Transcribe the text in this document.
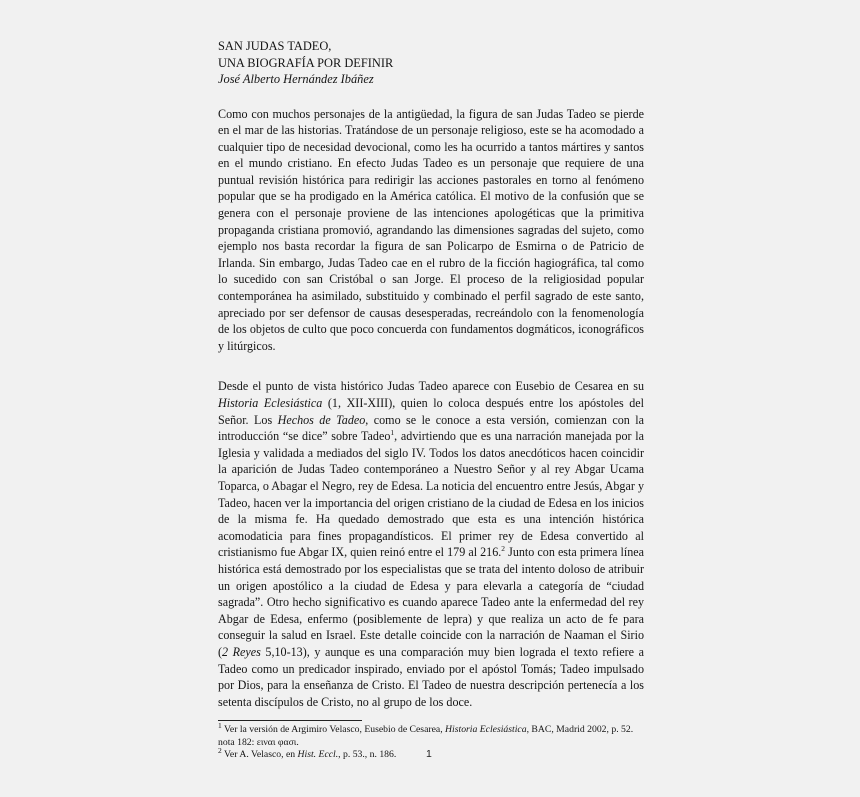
SAN JUDAS TADEO,

UNA BIOGRAFÍA POR DEFINIR

José Alberto Hernández Ibáñez

Como con muchos personajes de la antigüedad, la figura de san Judas Tadeo se pierde en el mar de las historias. Tratándose de un personaje religioso, este se ha acomodado a cualquier tipo de necesidad devocional, como les ha ocurrido a tantos mártires y santos en el mundo cristiano. En efecto Judas Tadeo es un personaje que requiere de una puntual revisión histórica para redirigir las acciones pastorales en torno al fenómeno popular que se ha prodigado en la América católica. El motivo de la confusión que se genera con el personaje proviene de las intenciones apologéticas que la primitiva propaganda cristiana promovió, agrandando las dimensiones sagradas del sujeto, como ejemplo nos basta recordar la figura de san Policarpo de Esmirna o de Patricio de Irlanda. Sin embargo, Judas Tadeo cae en el rubro de la ficción hagiográfica, tal como lo sucedido con san Cristóbal o san Jorge. El proceso de la religiosidad popular contemporánea ha asimilado, substituido y combinado el perfil sagrado de este santo, apreciado por ser defensor de causas desesperadas, recreándolo con la fenomenología de los objetos de culto que poco concuerda con fundamentos dogmáticos, iconográficos y litúrgicos.

Desde el punto de vista histórico Judas Tadeo aparece con Eusebio de Cesarea en su Historia Eclesiástica (1, XII-XIII), quien lo coloca después entre los apóstoles del Señor. Los Hechos de Tadeo, como se le conoce a esta versión, comienzan con la introducción “se dice” sobre Tadeo$^1$, advirtiendo que es una narración manejada por la Iglesia y validada a mediados del siglo IV. Todos los datos anecdóticos hacen coincidir la aparición de Judas Tadeo contemporáneo a Nuestro Señor y al rey Abgar Ucama Toparca, o Abagar el Negro, rey de Edesa. La noticia del encuentro entre Jesús, Abgar y Tadeo, hacen ver la importancia del origen cristiano de la ciudad de Edesa en los inicios de la misma fe. Ha quedado demostrado que esta es una intención histórica acomodaticia para fines propagandísticos. El primer rey de Edesa convertido al cristianismo fue Abgar IX, quien reinó entre el 179 al 216.$^2$ Junto con esta primera línea histórica está demostrado por los especialistas que se trata del intento doloso de atribuir un origen apostólico a la ciudad de Edesa y para elevarla a categoría de “ciudad sagrada”. Otro hecho significativo es cuando aparece Tadeo ante la enfermedad del rey Abgar de Edesa, enfermo (posiblemente de lepra) y que realiza un acto de fe para conseguir la salud en Israel. Este detalle coincide con la narración de Naaman el Sirio (2 Reyes 5,10-13), y aunque es una comparación muy bien lograda el texto refiere a Tadeo como un predicador inspirado, enviado por el apóstol Tomás; Tadeo impulsado por Dios, para la enseñanza de Cristo. El Tadeo de nuestra descripción pertenecía a los setenta discípulos de Cristo, no al grupo de los doce.

$^1$ Ver la versión de Argimiro Velasco, Eusebio de Cesarea, Historia Eclesiástica, BAC, Madrid 2002, p. 52. nota 182: ειναι φασι.

$^2$ Ver A. Velasco, en Hist. Eccl., p. 53., n. 186.	1
